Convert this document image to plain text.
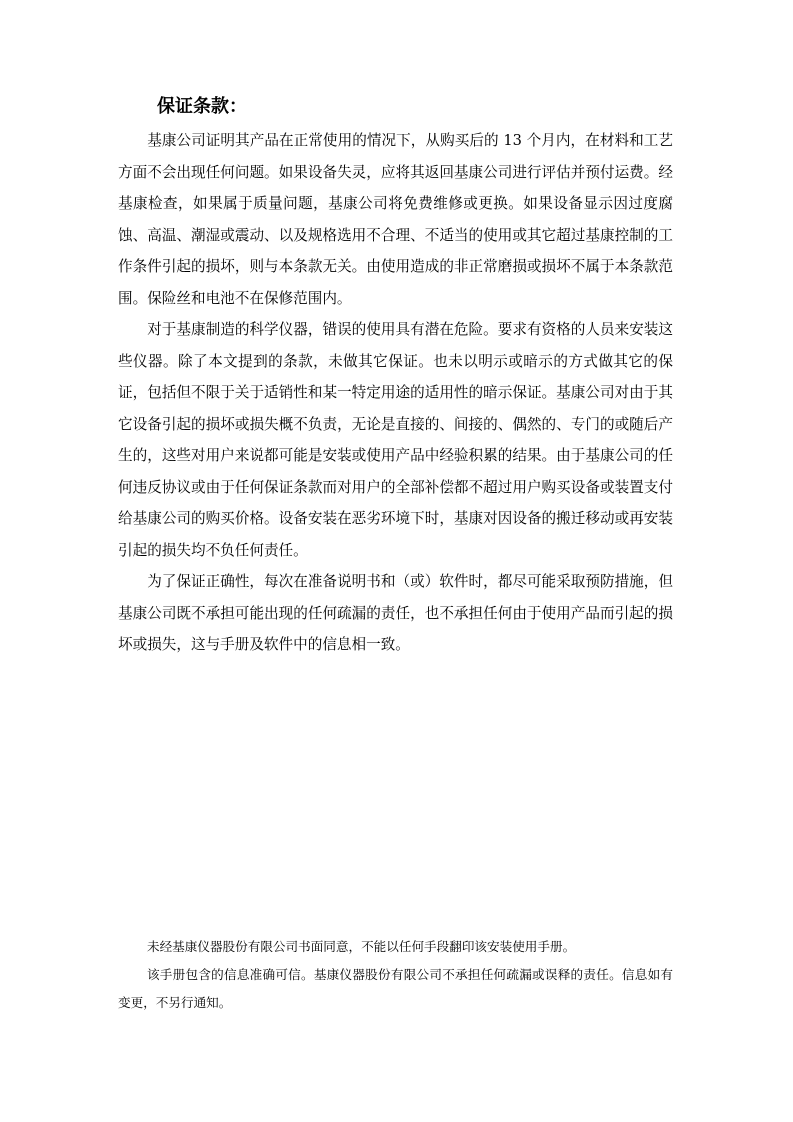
保证条款：

基康公司证明其产品在正常使用的情况下，从购买后的 13 个月内，在材料和工艺方面不会出现任何问题。如果设备失灵，应将其返回基康公司进行评估并预付运费。经基康检查，如果属于质量问题，基康公司将免费维修或更换。如果设备显示因过度腐蚀、高温、潮湿或震动、以及规格选用不合理、不适当的使用或其它超过基康控制的工作条件引起的损坏，则与本条款无关。由使用造成的非正常磨损或损坏不属于本条款范围。保险丝和电池不在保修范围内。

对于基康制造的科学仪器，错误的使用具有潜在危险。要求有资格的人员来安装这些仪器。除了本文提到的条款，未做其它保证。也未以明示或暗示的方式做其它的保证，包括但不限于关于适销性和某一特定用途的适用性的暗示保证。基康公司对由于其它设备引起的损坏或损失概不负责，无论是直接的、间接的、偶然的、专门的或随后产生的，这些对用户来说都可能是安装或使用产品中经验积累的结果。由于基康公司的任何违反协议或由于任何保证条款而对用户的全部补偿都不超过用户购买设备或装置支付给基康公司的购买价格。设备安装在恶劣环境下时，基康对因设备的搬迁移动或再安装引起的损失均不负任何责任。

为了保证正确性，每次在准备说明书和（或）软件时，都尽可能采取预防措施，但基康公司既不承担可能出现的任何疏漏的责任，也不承担任何由于使用产品而引起的损坏或损失，这与手册及软件中的信息相一致。

未经基康仪器股份有限公司书面同意，不能以任何手段翻印该安装使用手册。

该手册包含的信息准确可信。基康仪器股份有限公司不承担任何疏漏或误释的责任。信息如有变更，不另行通知。
